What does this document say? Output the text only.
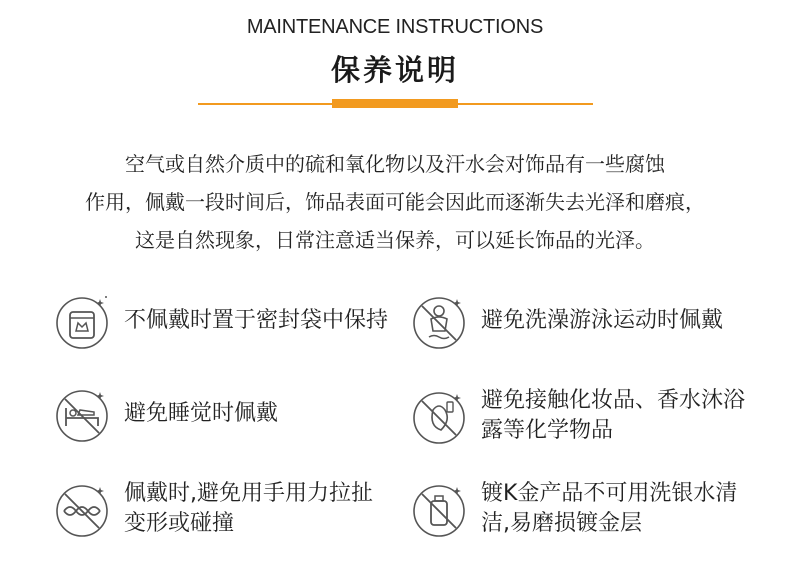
MAINTENANCE INSTRUCTIONS
保养说明

空气或自然介质中的硫和氧化物以及汗水会对饰品有一些腐蚀

作用，佩戴一段时间后，饰品表面可能会因此而逐渐失去光泽和磨痕，

这是自然现象，日常注意适当保养，可以延长饰品的光泽。

不佩戴时置于密封袋中保持	避免洗澡游泳运动时佩戴
避免睡觉时佩戴
避免接触化妆品、香水沐浴露等化学物品
佩戴时,避免用手用力拉扯变形或碰撞
镀K金产品不可用洗银水清洁,易磨损镀金层
